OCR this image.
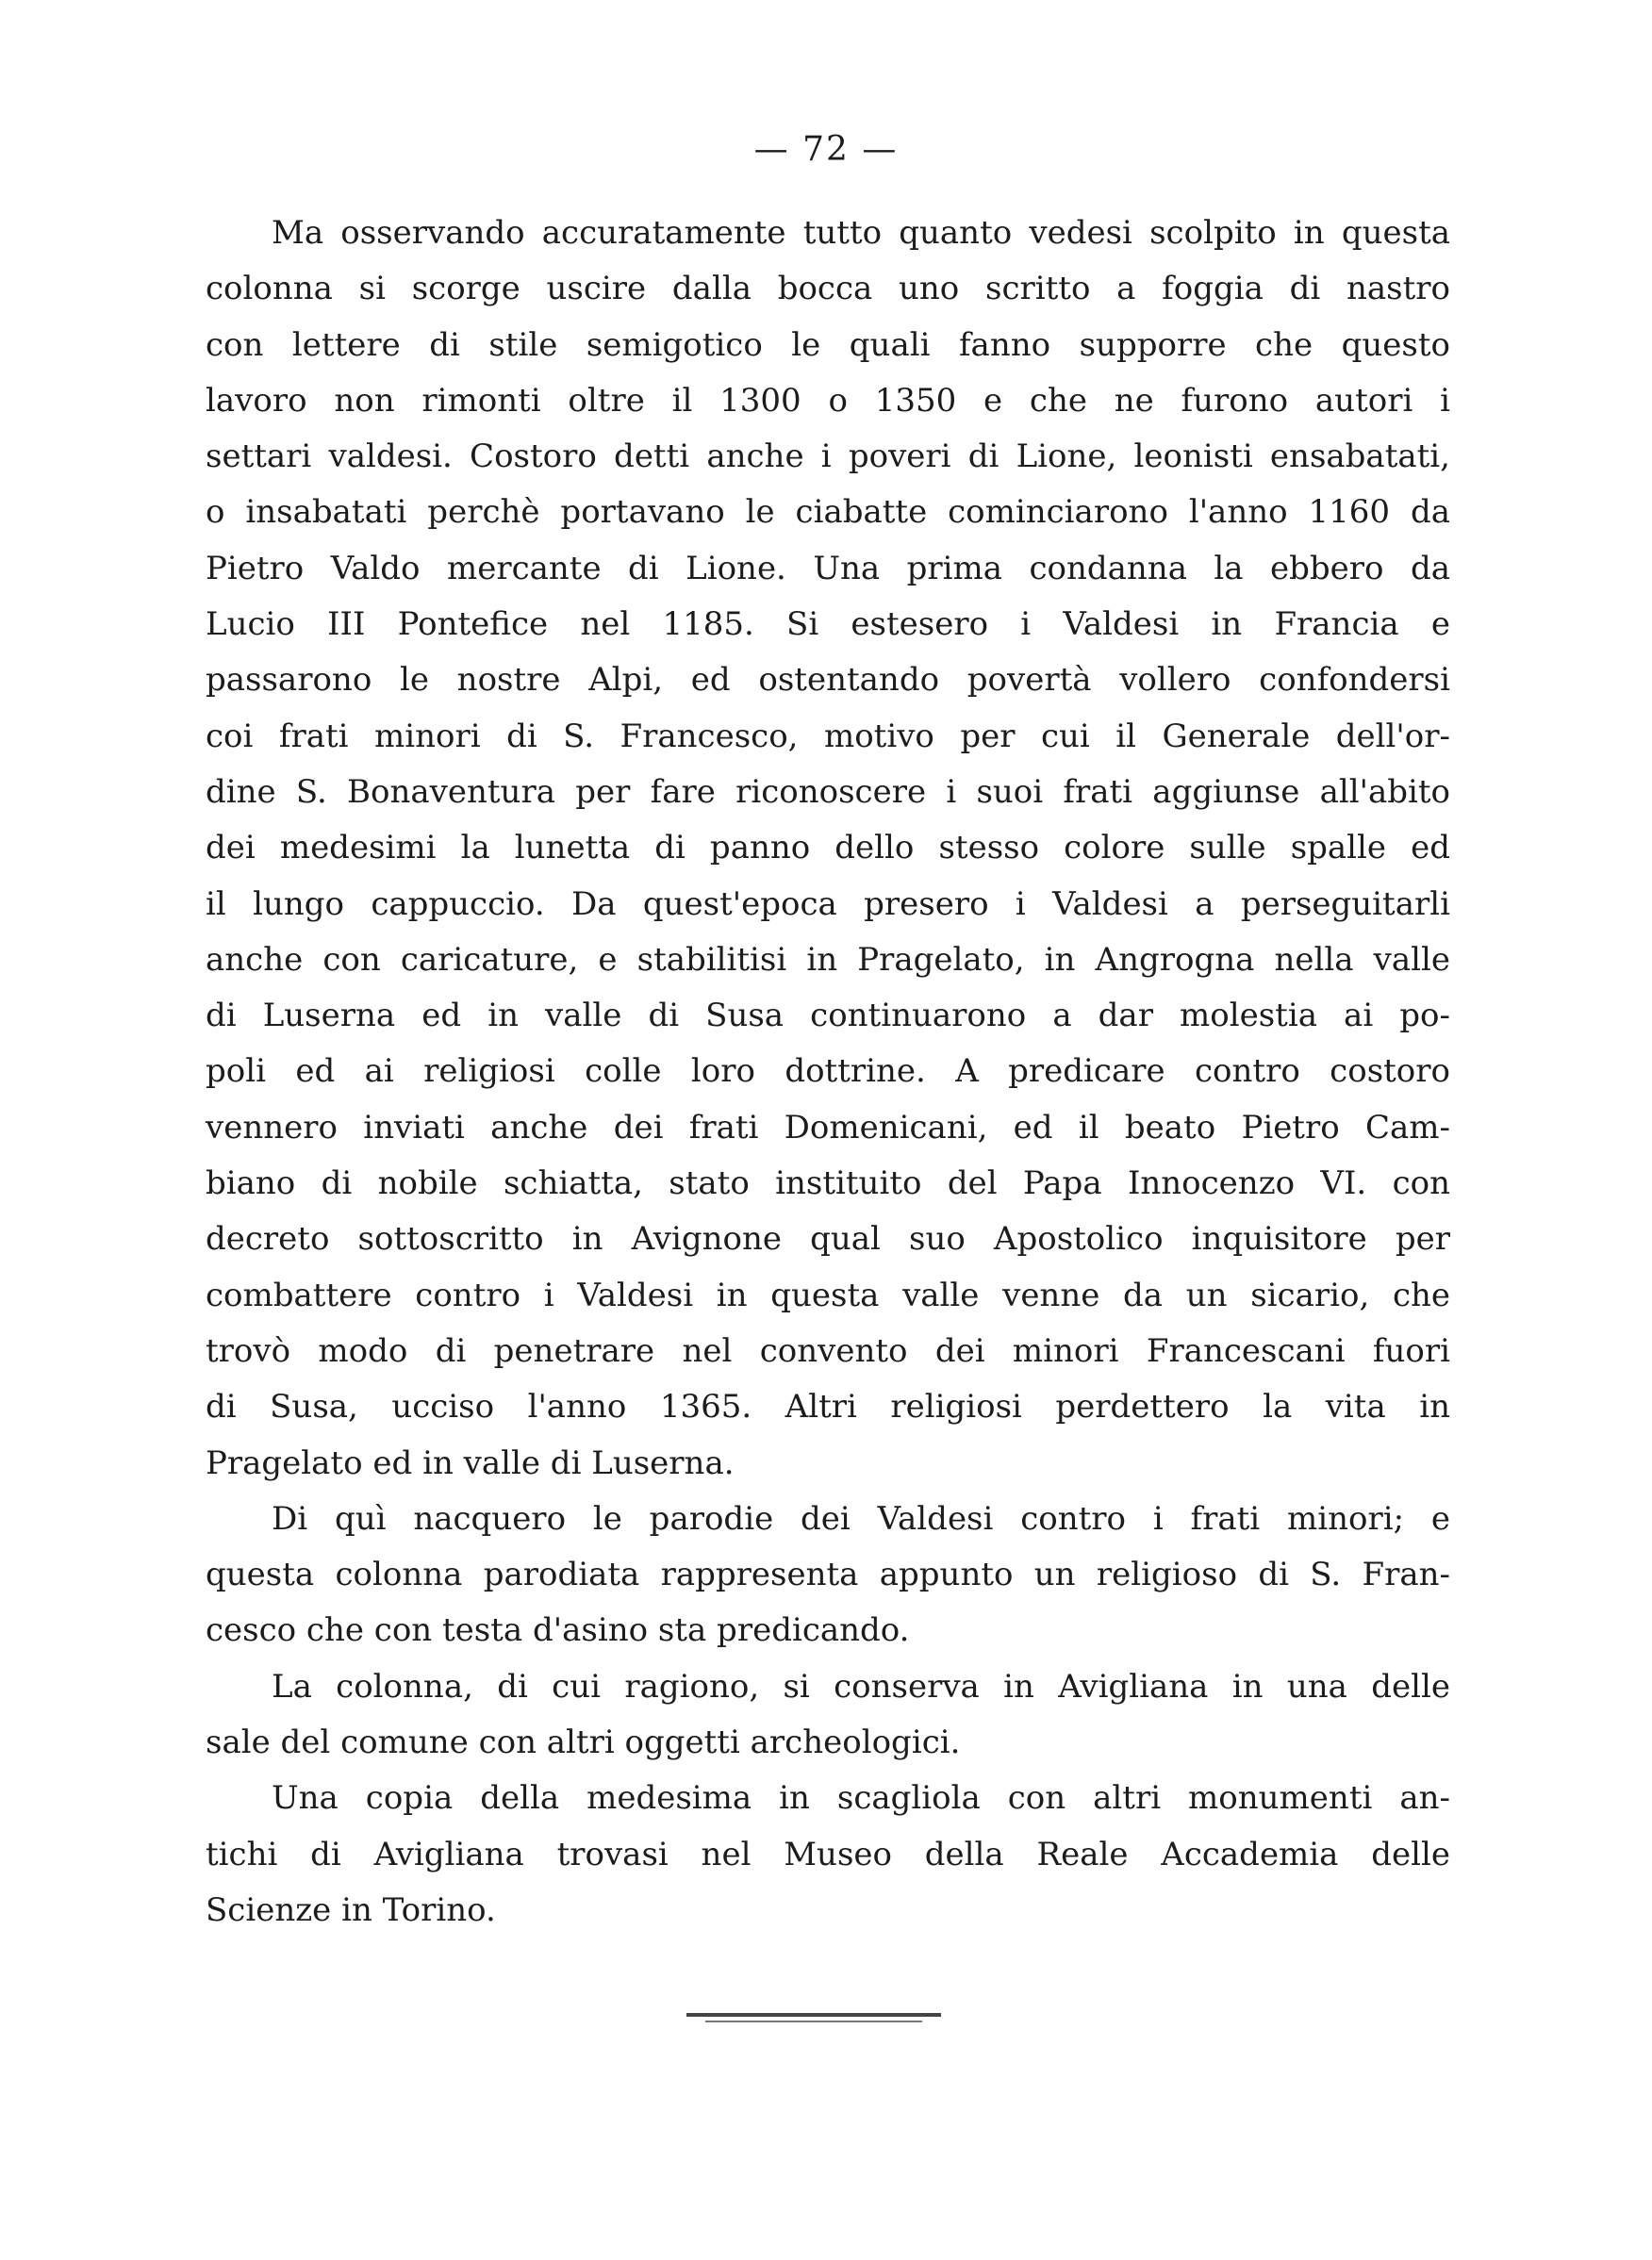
— 72 —
Ma osservando accuratamente tutto quanto vedesi scolpito in questa
colonna si scorge uscire dalla bocca uno scritto a foggia di nastro
con lettere di stile semigotico le quali fanno supporre che questo
lavoro non rimonti oltre il 1300 o 1350 e che ne furono autori i
settari valdesi. Costoro detti anche i poveri di Lione, leonisti ensabatati,
o insabatati perchè portavano le ciabatte cominciarono l'anno 1160 da
Pietro Valdo mercante di Lione. Una prima condanna la ebbero da
Lucio III Pontefice nel 1185. Si estesero i Valdesi in Francia e
passarono le nostre Alpi, ed ostentando povertà vollero confondersi
coi frati minori di S. Francesco, motivo per cui il Generale dell'or-
dine S. Bonaventura per fare riconoscere i suoi frati aggiunse all'abito
dei medesimi la lunetta di panno dello stesso colore sulle spalle ed
il lungo cappuccio. Da quest'epoca presero i Valdesi a perseguitarli
anche con caricature, e stabilitisi in Pragelato, in Angrogna nella valle
di Luserna ed in valle di Susa continuarono a dar molestia ai po-
poli ed ai religiosi colle loro dottrine. A predicare contro costoro
vennero inviati anche dei frati Domenicani, ed il beato Pietro Cam-
biano di nobile schiatta, stato instituito del Papa Innocenzo VI. con
decreto sottoscritto in Avignone qual suo Apostolico inquisitore per
combattere contro i Valdesi in questa valle venne da un sicario, che
trovò modo di penetrare nel convento dei minori Francescani fuori
di Susa, ucciso l'anno 1365. Altri religiosi perdettero la vita in
Pragelato ed in valle di Luserna.
Di quì nacquero le parodie dei Valdesi contro i frati minori; e
questa colonna parodiata rappresenta appunto un religioso di S. Fran-
cesco che con testa d'asino sta predicando.
La colonna, di cui ragiono, si conserva in Avigliana in una delle
sale del comune con altri oggetti archeologici.
Una copia della medesima in scagliola con altri monumenti an-
tichi di Avigliana trovasi nel Museo della Reale Accademia delle
Scienze in Torino.
